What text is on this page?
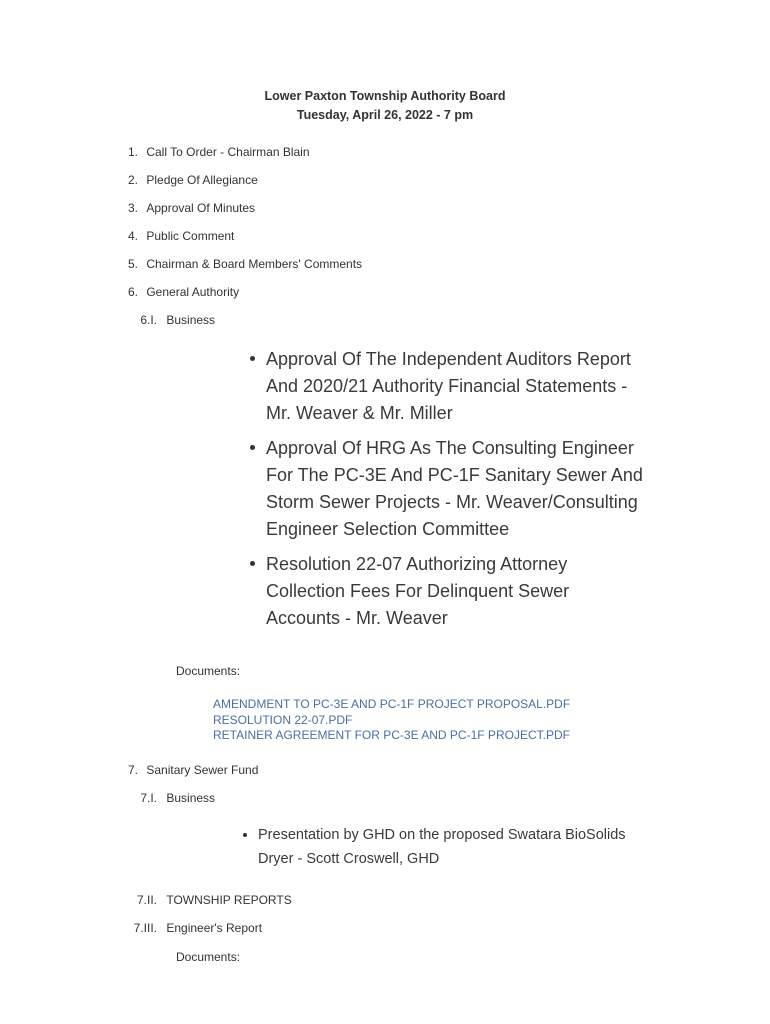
Lower Paxton Township Authority Board
Tuesday, April 26, 2022 - 7 pm
1. Call To Order - Chairman Blain
2. Pledge Of Allegiance
3. Approval Of Minutes
4. Public Comment
5. Chairman & Board Members' Comments
6. General Authority
6.I. Business
Approval Of The Independent Auditors Report And 2020/21 Authority Financial Statements - Mr. Weaver & Mr. Miller
Approval Of HRG As The Consulting Engineer For The PC-3E And PC-1F Sanitary Sewer And Storm Sewer Projects - Mr. Weaver/Consulting Engineer Selection Committee
Resolution 22-07 Authorizing Attorney Collection Fees For Delinquent Sewer Accounts - Mr. Weaver
Documents:
AMENDMENT TO PC-3E AND PC-1F PROJECT PROPOSAL.PDF
RESOLUTION 22-07.PDF
RETAINER AGREEMENT FOR PC-3E AND PC-1F PROJECT.PDF
7. Sanitary Sewer Fund
7.I. Business
Presentation by GHD on the proposed Swatara BioSolids Dryer - Scott Croswell, GHD
7.II. TOWNSHIP REPORTS
7.III. Engineer's Report
Documents:
